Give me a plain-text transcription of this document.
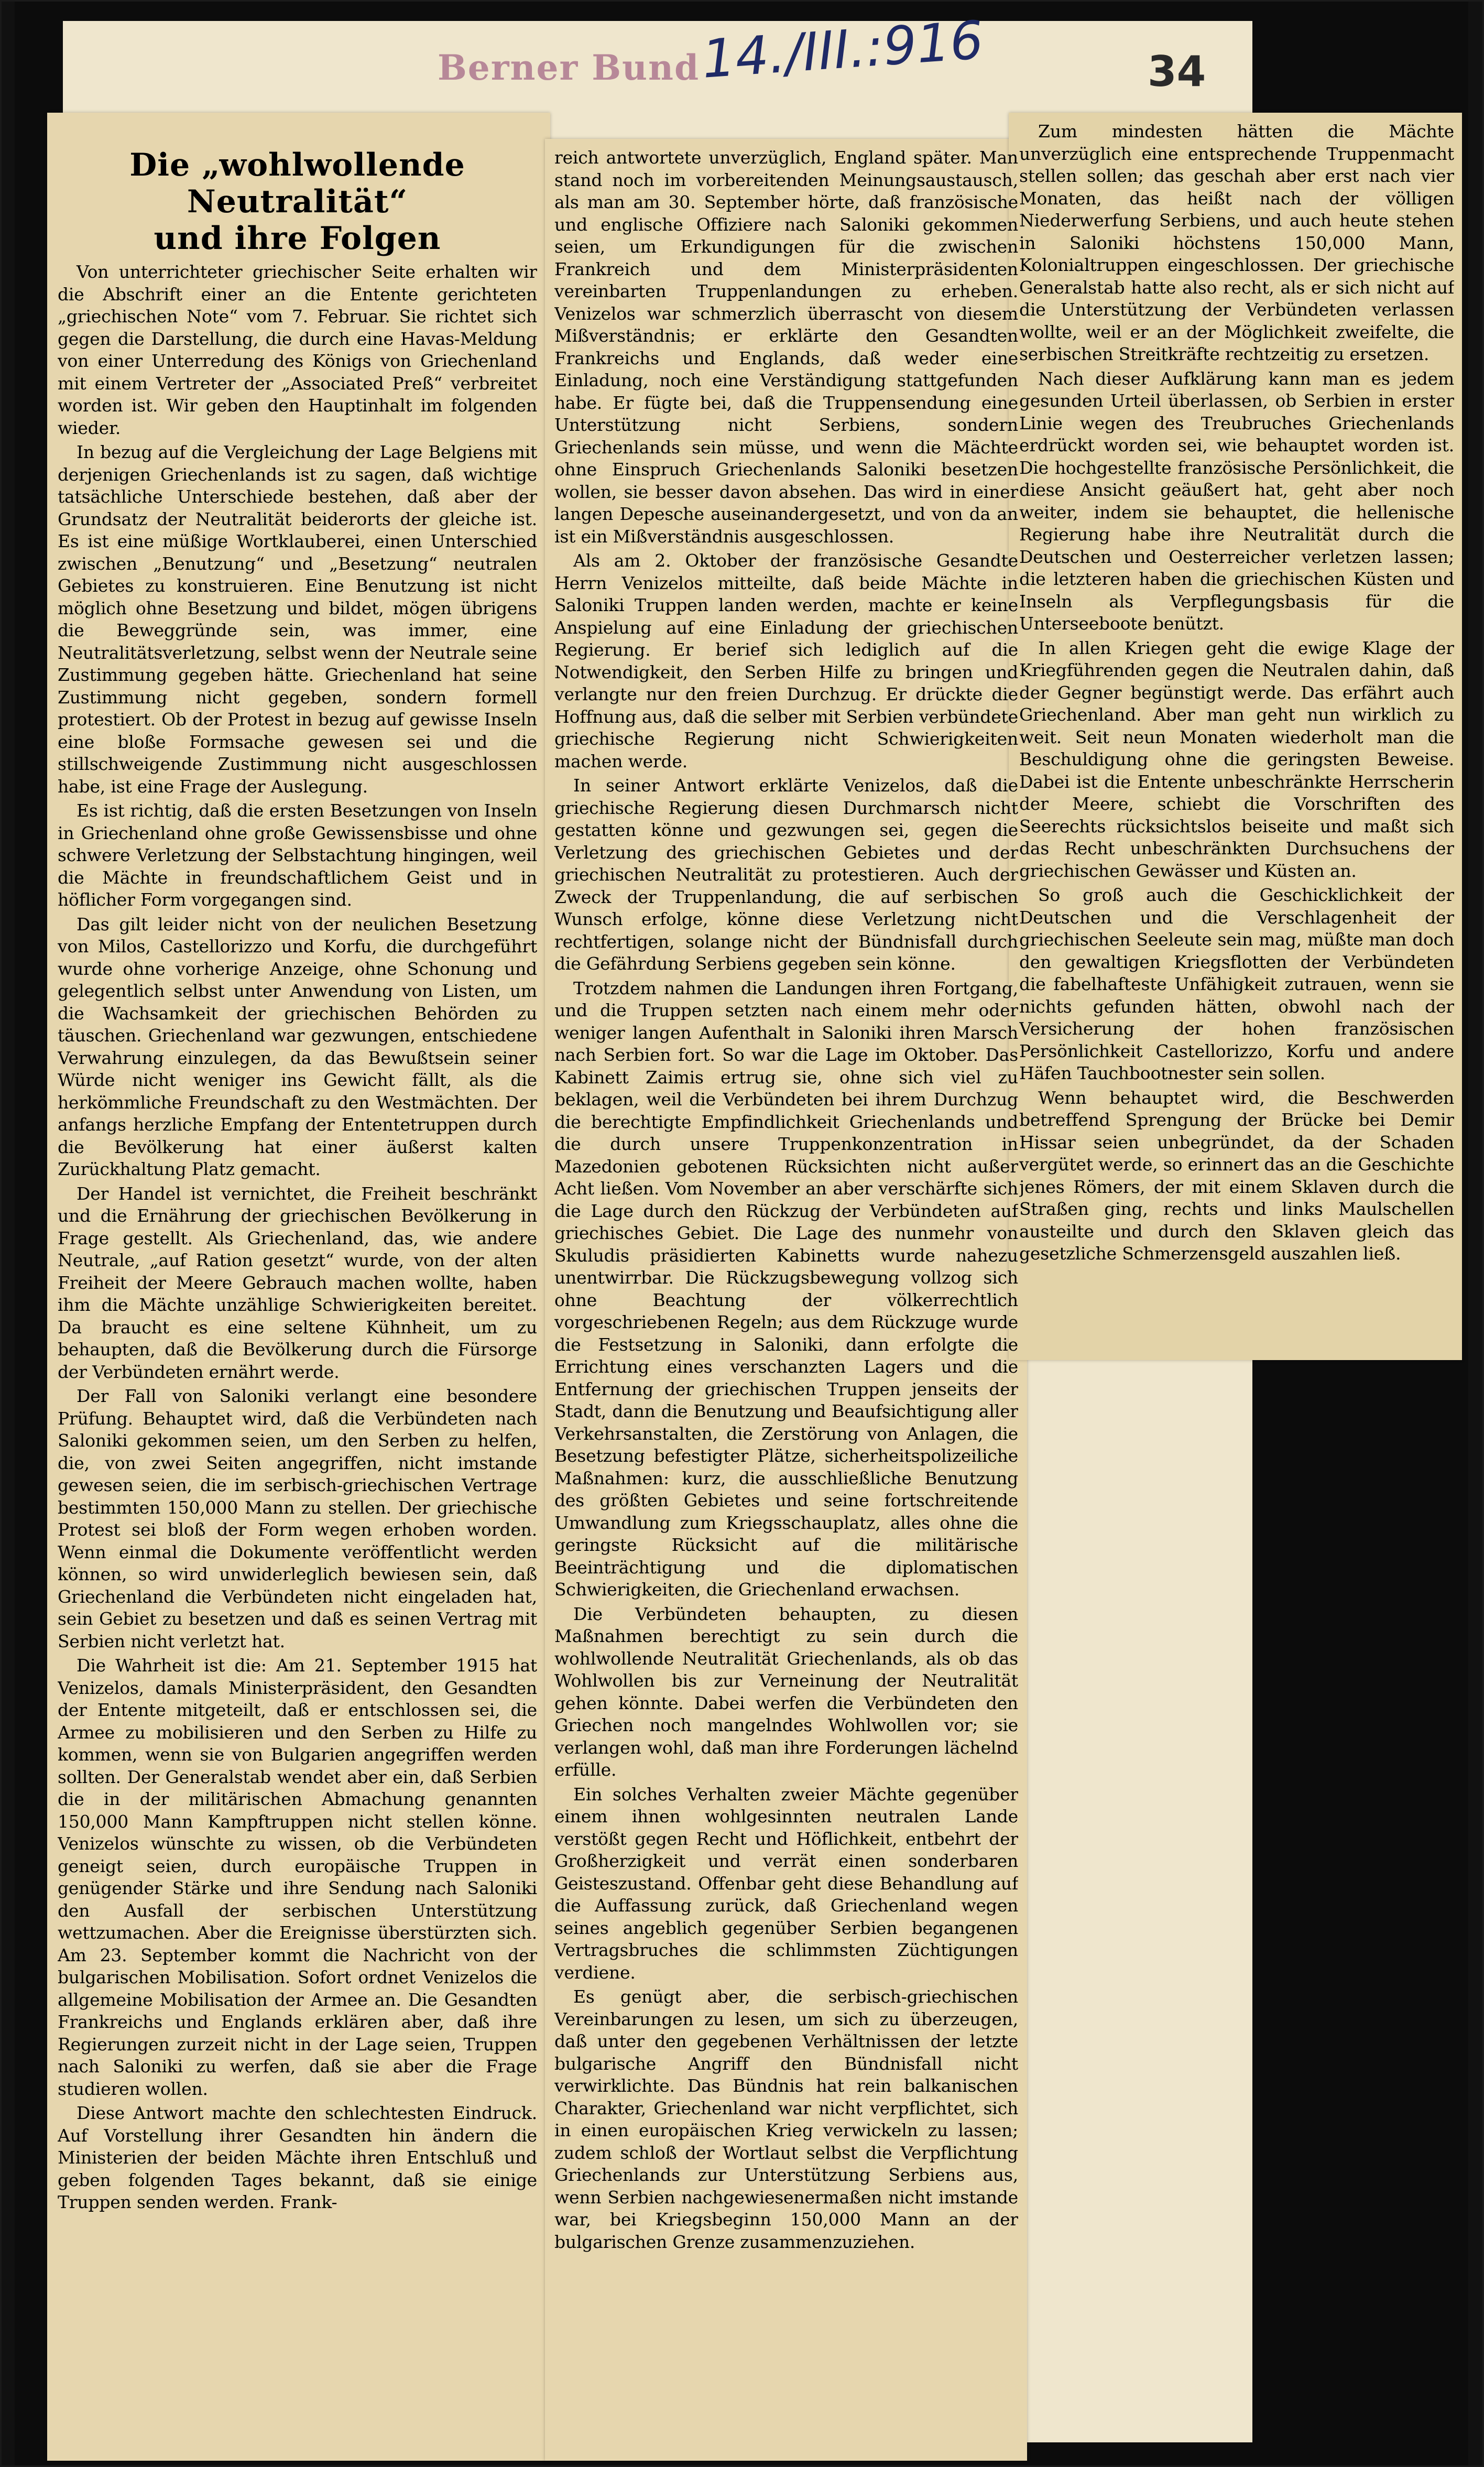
Berner Bund 14./III.:916	34
Die „wohlwollende Neutralität“
und ihre Folgen

Von unterrichteter griechischer Seite erhalten wir die Abschrift einer an die Entente gerichteten „griechischen Note“ vom 7. Februar. Sie richtet sich gegen die Darstellung, die durch eine Havas-Meldung von einer Unterredung des Königs von Griechenland mit einem Vertreter der „Associated Preß“ verbreitet worden ist. Wir geben den Hauptinhalt im folgenden wieder.

In bezug auf die Vergleichung der Lage Belgiens mit derjenigen Griechenlands ist zu sagen, daß wichtige tatsächliche Unterschiede bestehen, daß aber der Grundsatz der Neutralität beiderorts der gleiche ist. Es ist eine müßige Wortklauberei, einen Unterschied zwischen „Benutzung“ und „Besetzung“ neutralen Gebietes zu konstruieren. Eine Benutzung ist nicht möglich ohne Besetzung und bildet, mögen übrigens die Beweggründe sein, was immer, eine Neutralitätsverletzung, selbst wenn der Neutrale seine Zustimmung gegeben hätte. Griechenland hat seine Zustimmung nicht gegeben, sondern formell protestiert. Ob der Protest in bezug auf gewisse Inseln eine bloße Formsache gewesen sei und die stillschweigende Zustimmung nicht ausgeschlossen habe, ist eine Frage der Auslegung.

Es ist richtig, daß die ersten Besetzungen von Inseln in Griechenland ohne große Gewissensbisse und ohne schwere Verletzung der Selbstachtung hingingen, weil die Mächte in freundschaftlichem Geist und in höflicher Form vorgegangen sind.

Das gilt leider nicht von der neulichen Besetzung von Milos, Castellorizzo und Korfu, die durchgeführt wurde ohne vorherige Anzeige, ohne Schonung und gelegentlich selbst unter Anwendung von Listen, um die Wachsamkeit der griechischen Behörden zu täuschen. Griechenland war gezwungen, entschiedene Verwahrung einzulegen, da das Bewußtsein seiner Würde nicht weniger ins Gewicht fällt, als die herkömmliche Freundschaft zu den Westmächten. Der anfangs herzliche Empfang der Ententetruppen durch die Bevölkerung hat einer äußerst kalten Zurückhaltung Platz gemacht.

Der Handel ist vernichtet, die Freiheit beschränkt und die Ernährung der griechischen Bevölkerung in Frage gestellt. Als Griechenland, das, wie andere Neutrale, „auf Ration gesetzt“ wurde, von der alten Freiheit der Meere Gebrauch machen wollte, haben ihm die Mächte unzählige Schwierigkeiten bereitet. Da braucht es eine seltene Kühnheit, um zu behaupten, daß die Bevölkerung durch die Fürsorge der Verbündeten ernährt werde.

Der Fall von Saloniki verlangt eine besondere Prüfung. Behauptet wird, daß die Verbündeten nach Saloniki gekommen seien, um den Serben zu helfen, die, von zwei Seiten angegriffen, nicht imstande gewesen seien, die im serbisch-griechischen Vertrage bestimmten 150,000 Mann zu stellen. Der griechische Protest sei bloß der Form wegen erhoben worden. Wenn einmal die Dokumente veröffentlicht werden können, so wird unwiderleglich bewiesen sein, daß Griechenland die Verbündeten nicht eingeladen hat, sein Gebiet zu besetzen und daß es seinen Vertrag mit Serbien nicht verletzt hat.

Die Wahrheit ist die: Am 21. September 1915 hat Venizelos, damals Ministerpräsident, den Gesandten der Entente mitgeteilt, daß er entschlossen sei, die Armee zu mobilisieren und den Serben zu Hilfe zu kommen, wenn sie von Bulgarien angegriffen werden sollten. Der Generalstab wendet aber ein, daß Serbien die in der militärischen Abmachung genannten 150,000 Mann Kampftruppen nicht stellen könne. Venizelos wünschte zu wissen, ob die Verbündeten geneigt seien, durch europäische Truppen in genügender Stärke und ihre Sendung nach Saloniki den Ausfall der serbischen Unterstützung wettzumachen. Aber die Ereignisse überstürzten sich. Am 23. September kommt die Nachricht von der bulgarischen Mobilisation. Sofort ordnet Venizelos die allgemeine Mobilisation der Armee an. Die Gesandten Frankreichs und Englands erklären aber, daß ihre Regierungen zurzeit nicht in der Lage seien, Truppen nach Saloniki zu werfen, daß sie aber die Frage studieren wollen.

Diese Antwort machte den schlechtesten Eindruck. Auf Vorstellung ihrer Gesandten hin ändern die Ministerien der beiden Mächte ihren Entschluß und geben folgenden Tages bekannt, daß sie einige Truppen senden werden. Frank-

reich antwortete unverzüglich, England später. Man stand noch im vorbereitenden Meinungsaustausch, als man am 30. September hörte, daß französische und englische Offiziere nach Saloniki gekommen seien, um Erkundigungen für die zwischen Frankreich und dem Ministerpräsidenten vereinbarten Truppenlandungen zu erheben. Venizelos war schmerzlich überrascht von diesem Mißverständnis; er erklärte den Gesandten Frankreichs und Englands, daß weder eine Einladung, noch eine Verständigung stattgefunden habe. Er fügte bei, daß die Truppensendung eine Unterstützung nicht Serbiens, sondern Griechenlands sein müsse, und wenn die Mächte ohne Einspruch Griechenlands Saloniki besetzen wollen, sie besser davon absehen. Das wird in einer langen Depesche auseinandergesetzt, und von da an ist ein Mißverständnis ausgeschlossen.

Als am 2. Oktober der französische Gesandte Herrn Venizelos mitteilte, daß beide Mächte in Saloniki Truppen landen werden, machte er keine Anspielung auf eine Einladung der griechischen Regierung. Er berief sich lediglich auf die Notwendigkeit, den Serben Hilfe zu bringen und verlangte nur den freien Durchzug. Er drückte die Hoffnung aus, daß die selber mit Serbien verbündete griechische Regierung nicht Schwierigkeiten machen werde.

In seiner Antwort erklärte Venizelos, daß die griechische Regierung diesen Durchmarsch nicht gestatten könne und gezwungen sei, gegen die Verletzung des griechischen Gebietes und der griechischen Neutralität zu protestieren. Auch der Zweck der Truppenlandung, die auf serbischen Wunsch erfolge, könne diese Verletzung nicht rechtfertigen, solange nicht der Bündnisfall durch die Gefährdung Serbiens gegeben sein könne.

Trotzdem nahmen die Landungen ihren Fortgang, und die Truppen setzten nach einem mehr oder weniger langen Aufenthalt in Saloniki ihren Marsch nach Serbien fort. So war die Lage im Oktober. Das Kabinett Zaimis ertrug sie, ohne sich viel zu beklagen, weil die Verbündeten bei ihrem Durchzug die berechtigte Empfindlichkeit Griechenlands und die durch unsere Truppenkonzentration in Mazedonien gebotenen Rücksichten nicht außer Acht ließen. Vom November an aber verschärfte sich die Lage durch den Rückzug der Verbündeten auf griechisches Gebiet. Die Lage des nunmehr von Skuludis präsidierten Kabinetts wurde nahezu unentwirrbar. Die Rückzugsbewegung vollzog sich ohne Beachtung der völkerrechtlich vorgeschriebenen Regeln; aus dem Rückzuge wurde die Festsetzung in Saloniki, dann erfolgte die Errichtung eines verschanzten Lagers und die Entfernung der griechischen Truppen jenseits der Stadt, dann die Benutzung und Beaufsichtigung aller Verkehrsanstalten, die Zerstörung von Anlagen, die Besetzung befestigter Plätze, sicherheitspolizeiliche Maßnahmen: kurz, die ausschließliche Benutzung des größten Gebietes und seine fortschreitende Umwandlung zum Kriegsschauplatz, alles ohne die geringste Rücksicht auf die militärische Beeinträchtigung und die diplomatischen Schwierigkeiten, die Griechenland erwachsen.

Die Verbündeten behaupten, zu diesen Maßnahmen berechtigt zu sein durch die wohlwollende Neutralität Griechenlands, als ob das Wohlwollen bis zur Verneinung der Neutralität gehen könnte. Dabei werfen die Verbündeten den Griechen noch mangelndes Wohlwollen vor; sie verlangen wohl, daß man ihre Forderungen lächelnd erfülle.

Ein solches Verhalten zweier Mächte gegenüber einem ihnen wohlgesinnten neutralen Lande verstößt gegen Recht und Höflichkeit, entbehrt der Großherzigkeit und verrät einen sonderbaren Geisteszustand. Offenbar geht diese Behandlung auf die Auffassung zurück, daß Griechenland wegen seines angeblich gegenüber Serbien begangenen Vertragsbruches die schlimmsten Züchtigungen verdiene.

Es genügt aber, die serbisch-griechischen Vereinbarungen zu lesen, um sich zu überzeugen, daß unter den gegebenen Verhältnissen der letzte bulgarische Angriff den Bündnisfall nicht verwirklichte. Das Bündnis hat rein balkanischen Charakter, Griechenland war nicht verpflichtet, sich in einen europäischen Krieg verwickeln zu lassen; zudem schloß der Wortlaut selbst die Verpflichtung Griechenlands zur Unterstützung Serbiens aus, wenn Serbien nachgewiesenermaßen nicht imstande war, bei Kriegsbeginn 150,000 Mann an der bulgarischen Grenze zusammenzuziehen.

Zum mindesten hätten die Mächte unverzüglich eine entsprechende Truppenmacht stellen sollen; das geschah aber erst nach vier Monaten, das heißt nach der völligen Niederwerfung Serbiens, und auch heute stehen in Saloniki höchstens 150,000 Mann, Kolonialtruppen eingeschlossen. Der griechische Generalstab hatte also recht, als er sich nicht auf die Unterstützung der Verbündeten verlassen wollte, weil er an der Möglichkeit zweifelte, die serbischen Streitkräfte rechtzeitig zu ersetzen.

Nach dieser Aufklärung kann man es jedem gesunden Urteil überlassen, ob Serbien in erster Linie wegen des Treubruches Griechenlands erdrückt worden sei, wie behauptet worden ist. Die hochgestellte französische Persönlichkeit, die diese Ansicht geäußert hat, geht aber noch weiter, indem sie behauptet, die hellenische Regierung habe ihre Neutralität durch die Deutschen und Oesterreicher verletzen lassen; die letzteren haben die griechischen Küsten und Inseln als Verpflegungsbasis für die Unterseeboote benützt.

In allen Kriegen geht die ewige Klage der Kriegführenden gegen die Neutralen dahin, daß der Gegner begünstigt werde. Das erfährt auch Griechenland. Aber man geht nun wirklich zu weit. Seit neun Monaten wiederholt man die Beschuldigung ohne die geringsten Beweise. Dabei ist die Entente unbeschränkte Herrscherin der Meere, schiebt die Vorschriften des Seerechts rücksichtslos beiseite und maßt sich das Recht unbeschränkten Durchsuchens der griechischen Gewässer und Küsten an.

So groß auch die Geschicklichkeit der Deutschen und die Verschlagenheit der griechischen Seeleute sein mag, müßte man doch den gewaltigen Kriegsflotten der Verbündeten die fabelhafteste Unfähigkeit zutrauen, wenn sie nichts gefunden hätten, obwohl nach der Versicherung der hohen französischen Persönlichkeit Castellorizzo, Korfu und andere Häfen Tauchbootnester sein sollen.

Wenn behauptet wird, die Beschwerden betreffend Sprengung der Brücke bei Demir Hissar seien unbegründet, da der Schaden vergütet werde, so erinnert das an die Geschichte jenes Römers, der mit einem Sklaven durch die Straßen ging, rechts und links Maulschellen austeilte und durch den Sklaven gleich das gesetzliche Schmerzensgeld auszahlen ließ.
